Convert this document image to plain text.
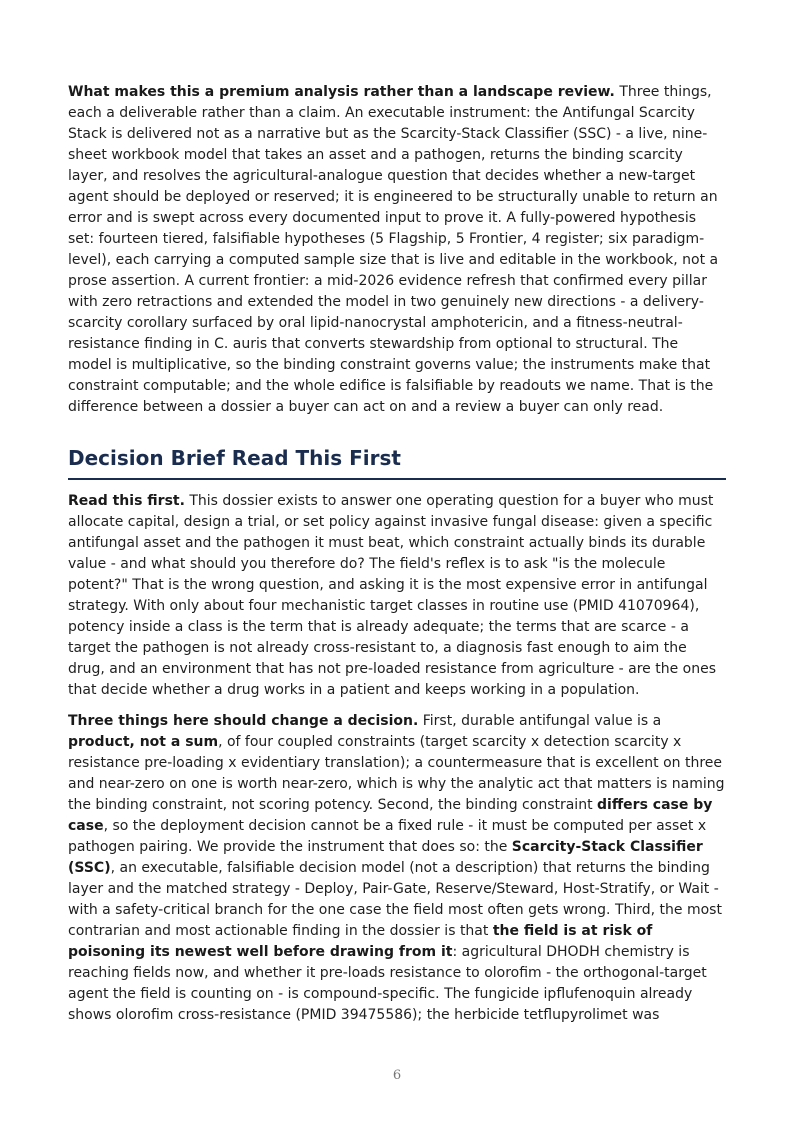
What makes this a premium analysis rather than a landscape review. Three things, each a deliverable rather than a claim. An executable instrument: the Antifungal Scarcity Stack is delivered not as a narrative but as the Scarcity-Stack Classifier (SSC) - a live, nine-sheet workbook model that takes an asset and a pathogen, returns the binding scarcity layer, and resolves the agricultural-analogue question that decides whether a new-target agent should be deployed or reserved; it is engineered to be structurally unable to return an error and is swept across every documented input to prove it. A fully-powered hypothesis set: fourteen tiered, falsifiable hypotheses (5 Flagship, 5 Frontier, 4 register; six paradigm-level), each carrying a computed sample size that is live and editable in the workbook, not a prose assertion. A current frontier: a mid-2026 evidence refresh that confirmed every pillar with zero retractions and extended the model in two genuinely new directions - a delivery-scarcity corollary surfaced by oral lipid-nanocrystal amphotericin, and a fitness-neutral-resistance finding in C. auris that converts stewardship from optional to structural. The model is multiplicative, so the binding constraint governs value; the instruments make that constraint computable; and the whole edifice is falsifiable by readouts we name. That is the difference between a dossier a buyer can act on and a review a buyer can only read.

Decision Brief Read This First

Read this first. This dossier exists to answer one operating question for a buyer who must allocate capital, design a trial, or set policy against invasive fungal disease: given a specific antifungal asset and the pathogen it must beat, which constraint actually binds its durable value - and what should you therefore do? The field's reflex is to ask "is the molecule potent?" That is the wrong question, and asking it is the most expensive error in antifungal strategy. With only about four mechanistic target classes in routine use (PMID 41070964), potency inside a class is the term that is already adequate; the terms that are scarce - a target the pathogen is not already cross-resistant to, a diagnosis fast enough to aim the drug, and an environment that has not pre-loaded resistance from agriculture - are the ones that decide whether a drug works in a patient and keeps working in a population.

Three things here should change a decision. First, durable antifungal value is a product, not a sum, of four coupled constraints (target scarcity x detection scarcity x resistance pre-loading x evidentiary translation); a countermeasure that is excellent on three and near-zero on one is worth near-zero, which is why the analytic act that matters is naming the binding constraint, not scoring potency. Second, the binding constraint differs case by case, so the deployment decision cannot be a fixed rule - it must be computed per asset x pathogen pairing. We provide the instrument that does so: the Scarcity-Stack Classifier (SSC), an executable, falsifiable decision model (not a description) that returns the binding layer and the matched strategy - Deploy, Pair-Gate, Reserve/Steward, Host-Stratify, or Wait - with a safety-critical branch for the one case the field most often gets wrong. Third, the most contrarian and most actionable finding in the dossier is that the field is at risk of poisoning its newest well before drawing from it: agricultural DHODH chemistry is reaching fields now, and whether it pre-loads resistance to olorofim - the orthogonal-target agent the field is counting on - is compound-specific. The fungicide ipflufenoquin already shows olorofim cross-resistance (PMID 39475586); the herbicide tetflupyrolimet was

6
